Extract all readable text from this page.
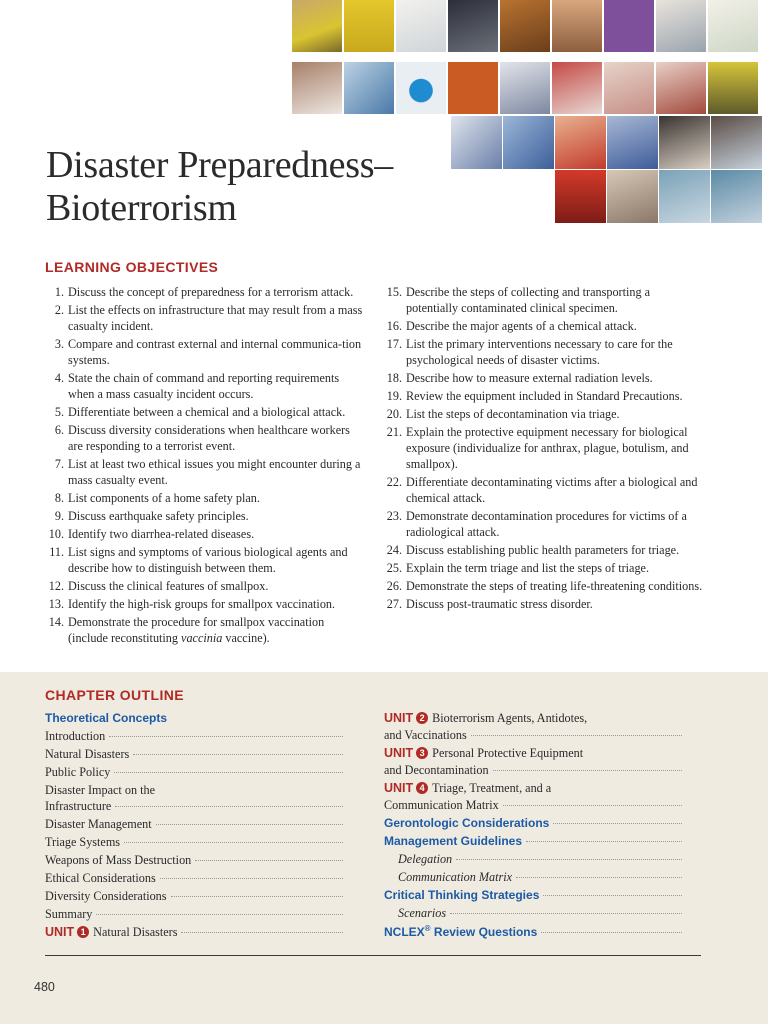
Disaster Preparedness–
Bioterrorism
LEARNING OBJECTIVES
1. Discuss the concept of preparedness for a terrorism attack.
2. List the effects on infrastructure that may result from a mass casualty incident.
3. Compare and contrast external and internal communica-tion systems.
4. State the chain of command and reporting requirements when a mass casualty incident occurs.
5. Differentiate between a chemical and a biological attack.
6. Discuss diversity considerations when healthcare workers are responding to a terrorist event.
7. List at least two ethical issues you might encounter during a mass casualty event.
8. List components of a home safety plan.
9. Discuss earthquake safety principles.
10. Identify two diarrhea-related diseases.
11. List signs and symptoms of various biological agents and describe how to distinguish between them.
12. Discuss the clinical features of smallpox.
13. Identify the high-risk groups for smallpox vaccination.
14. Demonstrate the procedure for smallpox vaccination (include reconstituting vaccinia vaccine).
15. Describe the steps of collecting and transporting a potentially contaminated clinical specimen.
16. Describe the major agents of a chemical attack.
17. List the primary interventions necessary to care for the psychological needs of disaster victims.
18. Describe how to measure external radiation levels.
19. Review the equipment included in Standard Precautions.
20. List the steps of decontamination via triage.
21. Explain the protective equipment necessary for biological exposure (individualize for anthrax, plague, botulism, and smallpox).
22. Differentiate decontaminating victims after a biological and chemical attack.
23. Demonstrate decontamination procedures for victims of a radiological attack.
24. Discuss establishing public health parameters for triage.
25. Explain the term triage and list the steps of triage.
26. Demonstrate the steps of treating life-threatening conditions.
27. Discuss post-traumatic stress disorder.
CHAPTER OUTLINE
Theoretical Concepts
Introduction
Natural Disasters
Public Policy
Disaster Impact on the
Infrastructure
Disaster Management
Triage Systems
Weapons of Mass Destruction
Ethical Considerations
Diversity Considerations
Summary
UNIT 1 Natural Disasters
UNIT 2 Bioterrorism Agents, Antidotes,
and Vaccinations
UNIT 3 Personal Protective Equipment
and Decontamination
UNIT 4 Triage, Treatment, and a
Communication Matrix
Gerontologic Considerations
Management Guidelines
Delegation
Communication Matrix
Critical Thinking Strategies
Scenarios
NCLEX® Review Questions
480
